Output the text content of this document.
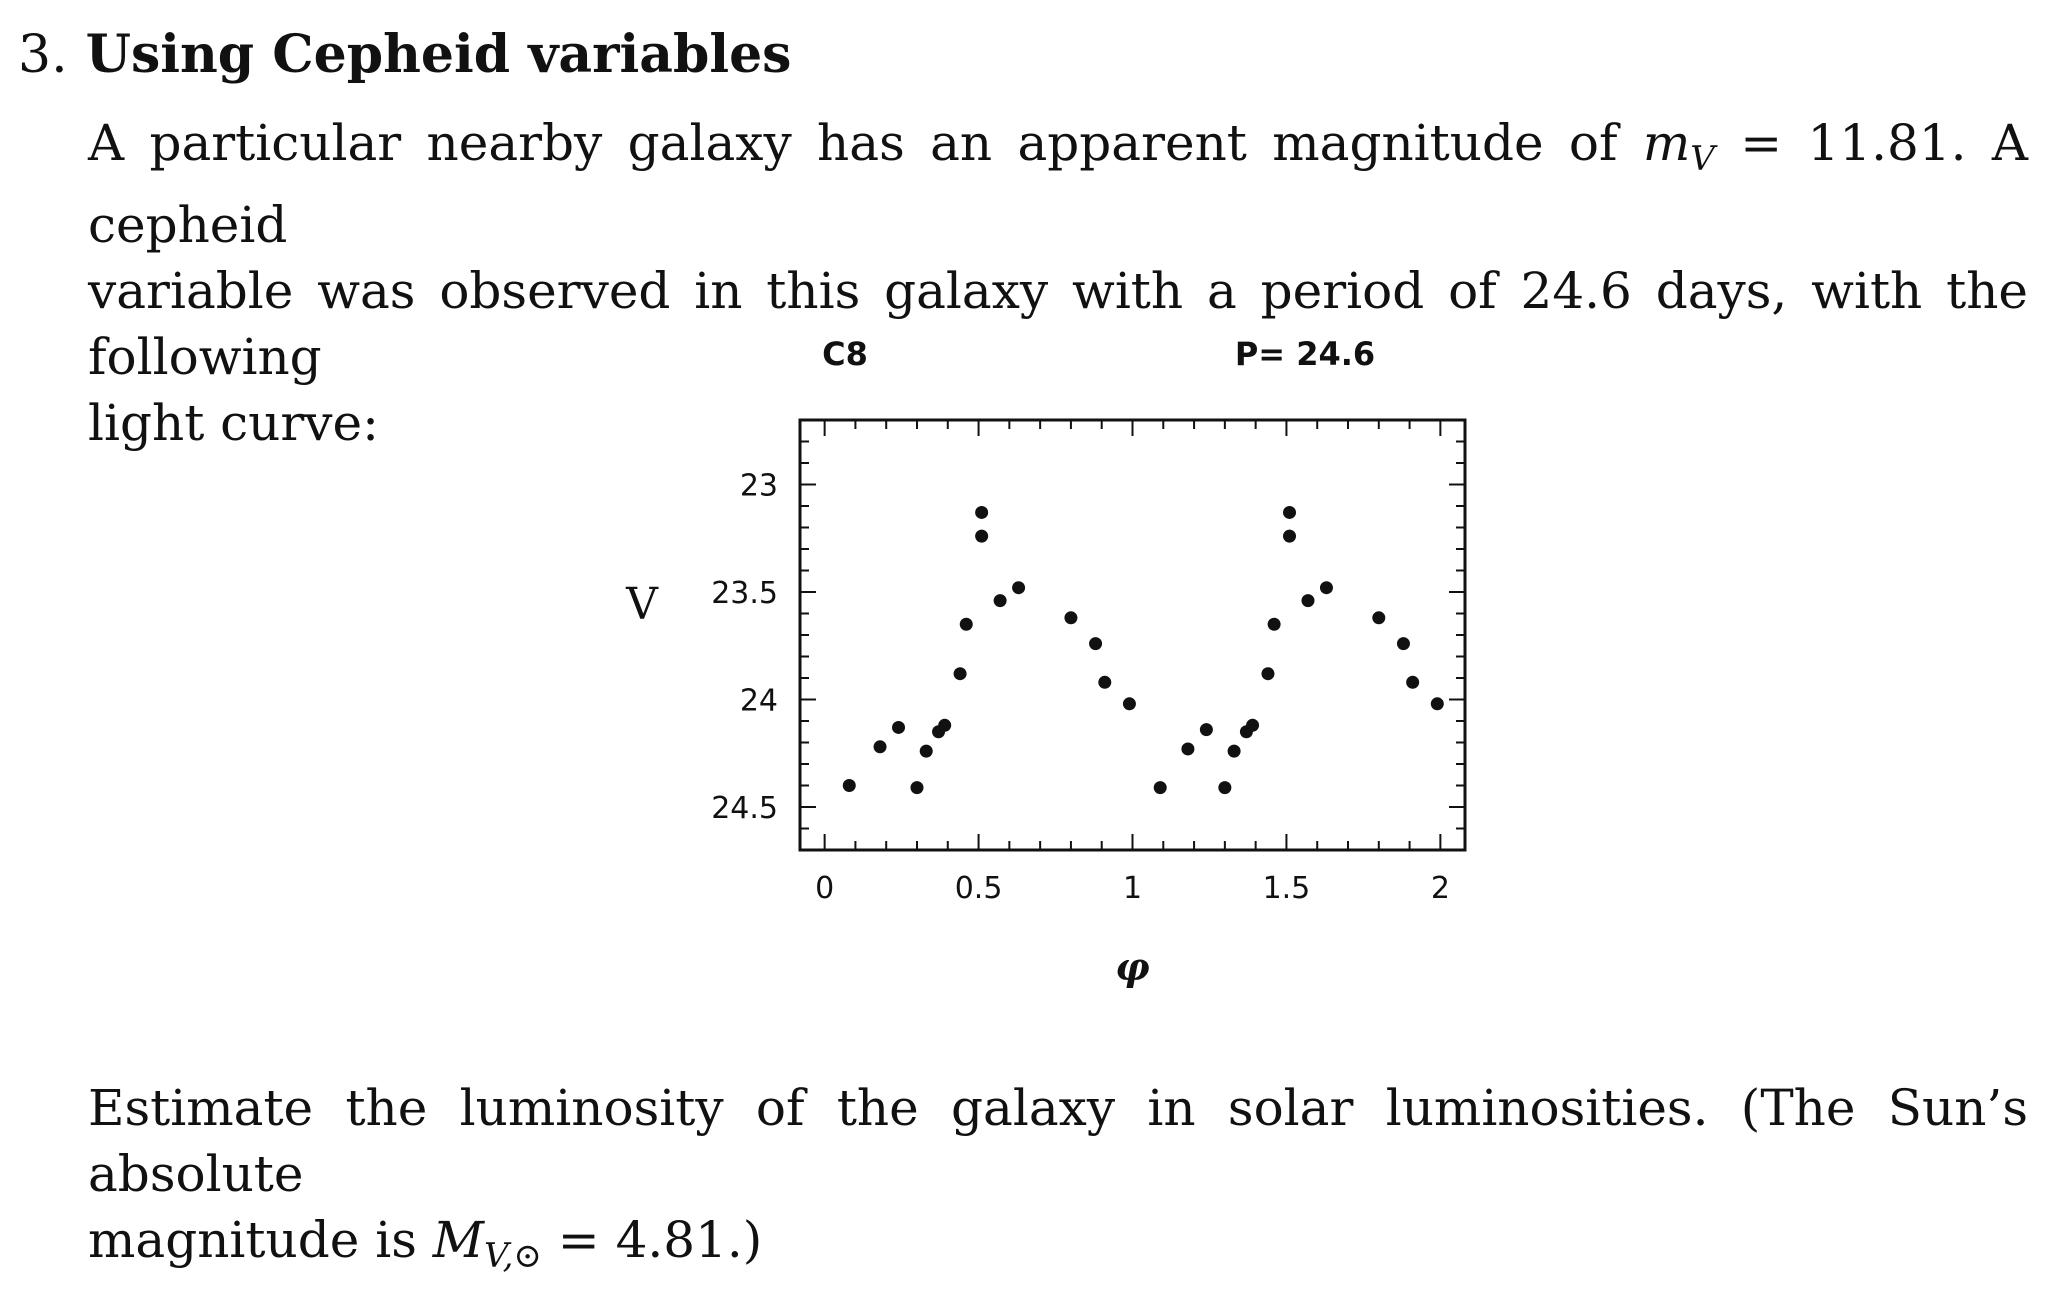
3. Using Cepheid variables
A particular nearby galaxy has an apparent magnitude of $m_V = 11.81$. A cepheid
variable was observed in this galaxy with a period of 24.6 days, with the following
light curve:
0	0.5	1	1.5	2
23
23.5
24
24.5
C8	P= 24.6
V
φ
Estimate the luminosity of the galaxy in solar luminosities. (The Sun’s absolute
magnitude is $M_{V,⊙} = 4.81$.)
